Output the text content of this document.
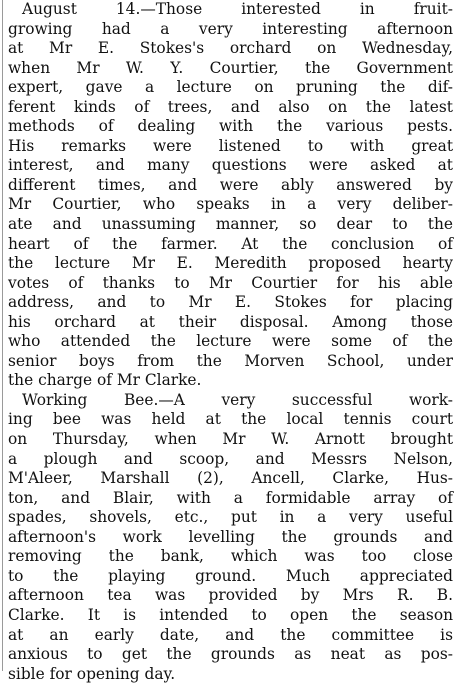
August 14.—Those interested in fruit-
growing had a very interesting afternoon
at Mr E. Stokes's orchard on Wednesday,
when Mr W. Y. Courtier, the Government
expert, gave a lecture on pruning the dif-
ferent kinds of trees, and also on the latest
methods of dealing with the various pests.
His remarks were listened to with great
interest, and many questions were asked at
different times, and were ably answered by
Mr Courtier, who speaks in a very deliber-
ate and unassuming manner, so dear to the
heart of the farmer. At the conclusion of
the lecture Mr E. Meredith proposed hearty
votes of thanks to Mr Courtier for his able
address, and to Mr E. Stokes for placing
his orchard at their disposal. Among those
who attended the lecture were some of the
senior boys from the Morven School, under
the charge of Mr Clarke.
Working Bee.—A very successful work-
ing bee was held at the local tennis court
on Thursday, when Mr W. Arnott brought
a plough and scoop, and Messrs Nelson,
M'Aleer, Marshall (2), Ancell, Clarke, Hus-
ton, and Blair, with a formidable array of
spades, shovels, etc., put in a very useful
afternoon's work levelling the grounds and
removing the bank, which was too close
to the playing ground. Much appreciated
afternoon tea was provided by Mrs R. B.
Clarke. It is intended to open the season
at an early date, and the committee is
anxious to get the grounds as neat as pos-
sible for opening day.
